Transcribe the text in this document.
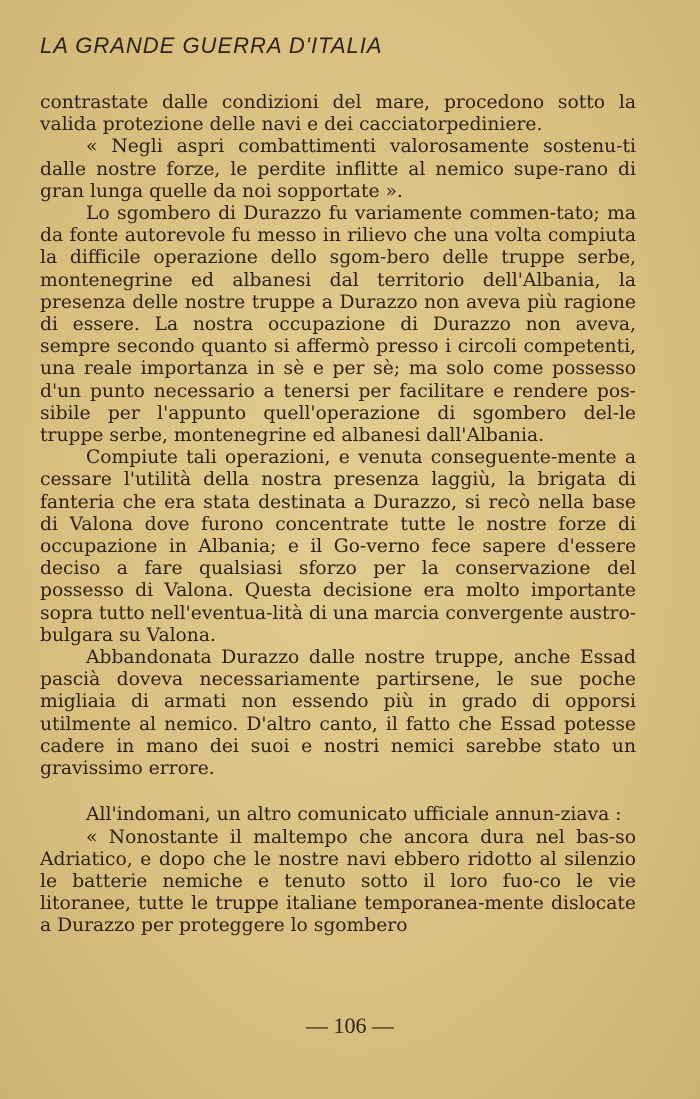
LA GRANDE GUERRA D'ITALIA

contrastate dalle condizioni del mare, procedono sotto la valida protezione delle navi e dei cacciatorpediniere.

« Negli aspri combattimenti valorosamente sostenu-ti dalle nostre forze, le perdite inflitte al nemico supe-rano di gran lunga quelle da noi sopportate ».

Lo sgombero di Durazzo fu variamente commen-tato; ma da fonte autorevole fu messo in rilievo che una volta compiuta la difficile operazione dello sgom-bero delle truppe serbe, montenegrine ed albanesi dal territorio dell'Albania, la presenza delle nostre truppe a Durazzo non aveva più ragione di essere. La nostra occupazione di Durazzo non aveva, sempre secondo quanto si affermò presso i circoli competenti, una reale importanza in sè e per sè; ma solo come possesso d'un punto necessario a tenersi per facilitare e rendere pos-sibile per l'appunto quell'operazione di sgombero del-le truppe serbe, montenegrine ed albanesi dall'Albania.

Compiute tali operazioni, e venuta conseguente-mente a cessare l'utilità della nostra presenza laggiù, la brigata di fanteria che era stata destinata a Durazzo, si recò nella base di Valona dove furono concentrate tutte le nostre forze di occupazione in Albania; e il Go-verno fece sapere d'essere deciso a fare qualsiasi sforzo per la conservazione del possesso di Valona. Questa decisione era molto importante sopra tutto nell'eventua-lità di una marcia convergente austro-bulgara su Valona.

Abbandonata Durazzo dalle nostre truppe, anche Essad pascià doveva necessariamente partirsene, le sue poche migliaia di armati non essendo più in grado di opporsi utilmente al nemico. D'altro canto, il fatto che Essad potesse cadere in mano dei suoi e nostri nemici sarebbe stato un gravissimo errore.

All'indomani, un altro comunicato ufficiale annun-ziava :

« Nonostante il maltempo che ancora dura nel bas-so Adriatico, e dopo che le nostre navi ebbero ridotto al silenzio le batterie nemiche e tenuto sotto il loro fuo-co le vie litoranee, tutte le truppe italiane temporanea-mente dislocate a Durazzo per proteggere lo sgombero

— 106 —
